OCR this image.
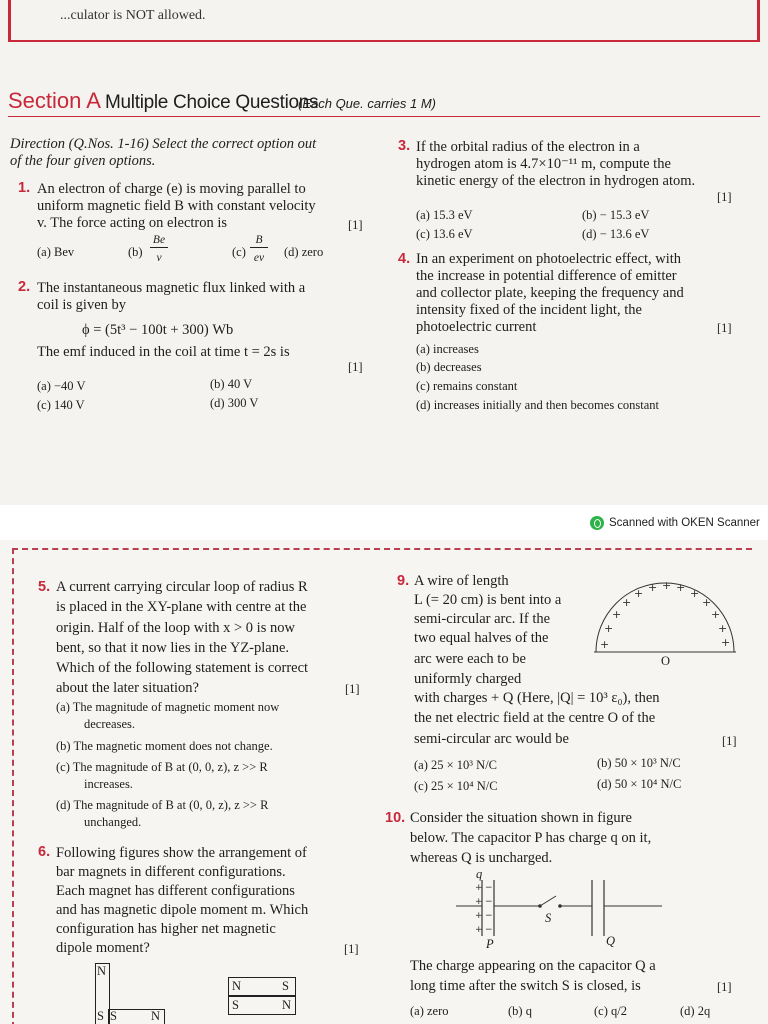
...culator is NOT allowed.
Section A Multiple Choice Questions
(Each Que. carries 1 M)
Direction (Q.Nos. 1-16) Select the correct option out
of the four given options.
1. An electron of charge (e) is moving parallel to
uniform magnetic field B with constant velocity
v. The force acting on electron is	[1]
(a) Bev	(b)
Be
v	(c)
B
ev	(d) zero
2. The instantaneous magnetic flux linked with a
coil is given by
ϕ = (5t³ − 100t + 300) Wb
The emf induced in the coil at time t = 2s is
[1]
(a) −40 V	(b) 40 V
(c) 140 V	(d) 300 V
3. If the orbital radius of the electron in a
hydrogen atom is 4.7×10⁻¹¹ m, compute the
kinetic energy of the electron in hydrogen atom.
[1]
(a) 15.3 eV	(b) − 15.3 eV
(c) 13.6 eV	(d) − 13.6 eV
4. In an experiment on photoelectric effect, with
the increase in potential difference of emitter
and collector plate, keeping the frequency and
intensity fixed of the incident light, the
photoelectric current	[1]
(a) increases
(b) decreases
(c) remains constant
(d) increases initially and then becomes constant
Scanned with OKEN Scanner
5. A current carrying circular loop of radius R
is placed in the XY-plane with centre at the
origin. Half of the loop with x > 0 is now
bent, so that it now lies in the YZ-plane.
Which of the following statement is correct
about the later situation?	[1]
(a) The magnitude of magnetic moment now
decreases.
(b) The magnetic moment does not change.
(c) The magnitude of B at (0, 0, z), z >> R
increases.
(d) The magnitude of B at (0, 0, z), z >> R
unchanged.
6. Following figures show the arrangement of
bar magnets in different configurations.
Each magnet has different configurations
and has magnetic dipole moment m. Which
configuration has higher net magnetic
dipole moment?	[1]
N
S S	N
N	S
S	N
9. A wire of length
L (= 20 cm) is bent into a
semi-circular arc. If the
two equal halves of the
arc were each to be
uniformly charged
with charges + Q (Here, |Q| = 10³ ε₀), then
the net electric field at the centre O of the
semi-circular arc would be	[1]
(a) 25 × 10³ N/C	(b) 50 × 10³ N/C
(c) 25 × 10⁴ N/C	(d) 50 × 10⁴ N/C
+
+
+
+
+ + + + +
+
+
+
+
O
10. Consider the situation shown in figure
below. The capacitor P has charge q on it,
whereas Q is uncharged.
+ −
+ −
+ −
+ −
q
S
P	Q
The charge appearing on the capacitor Q a
long time after the switch S is closed, is	[1]
(a) zero	(b) q	(c) q/2	(d) 2q
